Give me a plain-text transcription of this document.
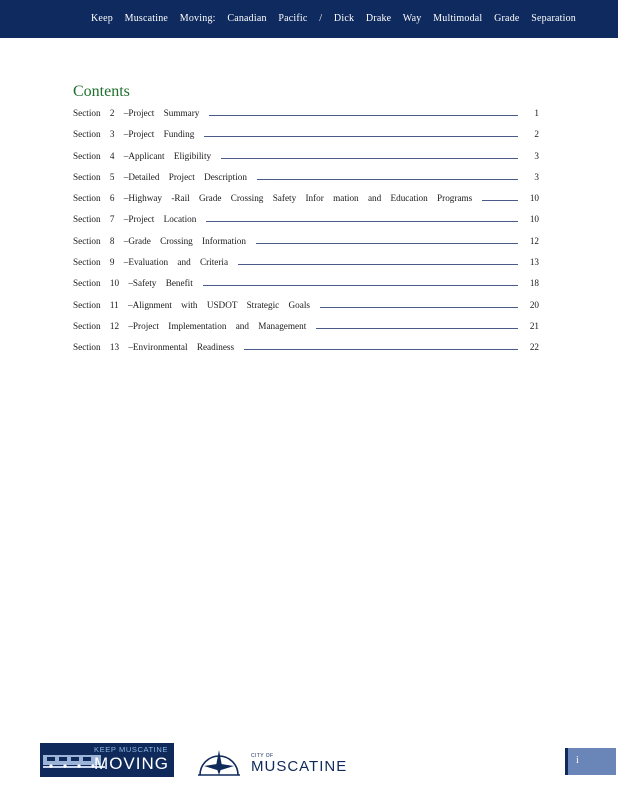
Keep Muscatine Moving: Canadian Pacific / Dick Drake Way Multimodal Grade Separation
Contents
Section 2 –Project Summary	1
Section 3 –Project Funding	2
Section 4 –Applicant Eligibility	3
Section 5 –Detailed Project Description	3
Section 6 –Highway -Rail Grade Crossing Safety Infor mation and Education Programs	10
Section 7 –Project Location	10
Section 8 –Grade Crossing Information	12
Section 9 –Evaluation and Criteria	13
Section 10 –Safety Benefit	18
Section 11 –Alignment with USDOT Strategic Goals	20
Section 12 –Project Implementation and Management	21
Section 13 –Environmental Readiness	22
KEEP MUSCATINE
MOVING	CITY OF
MUSCATINE	i
